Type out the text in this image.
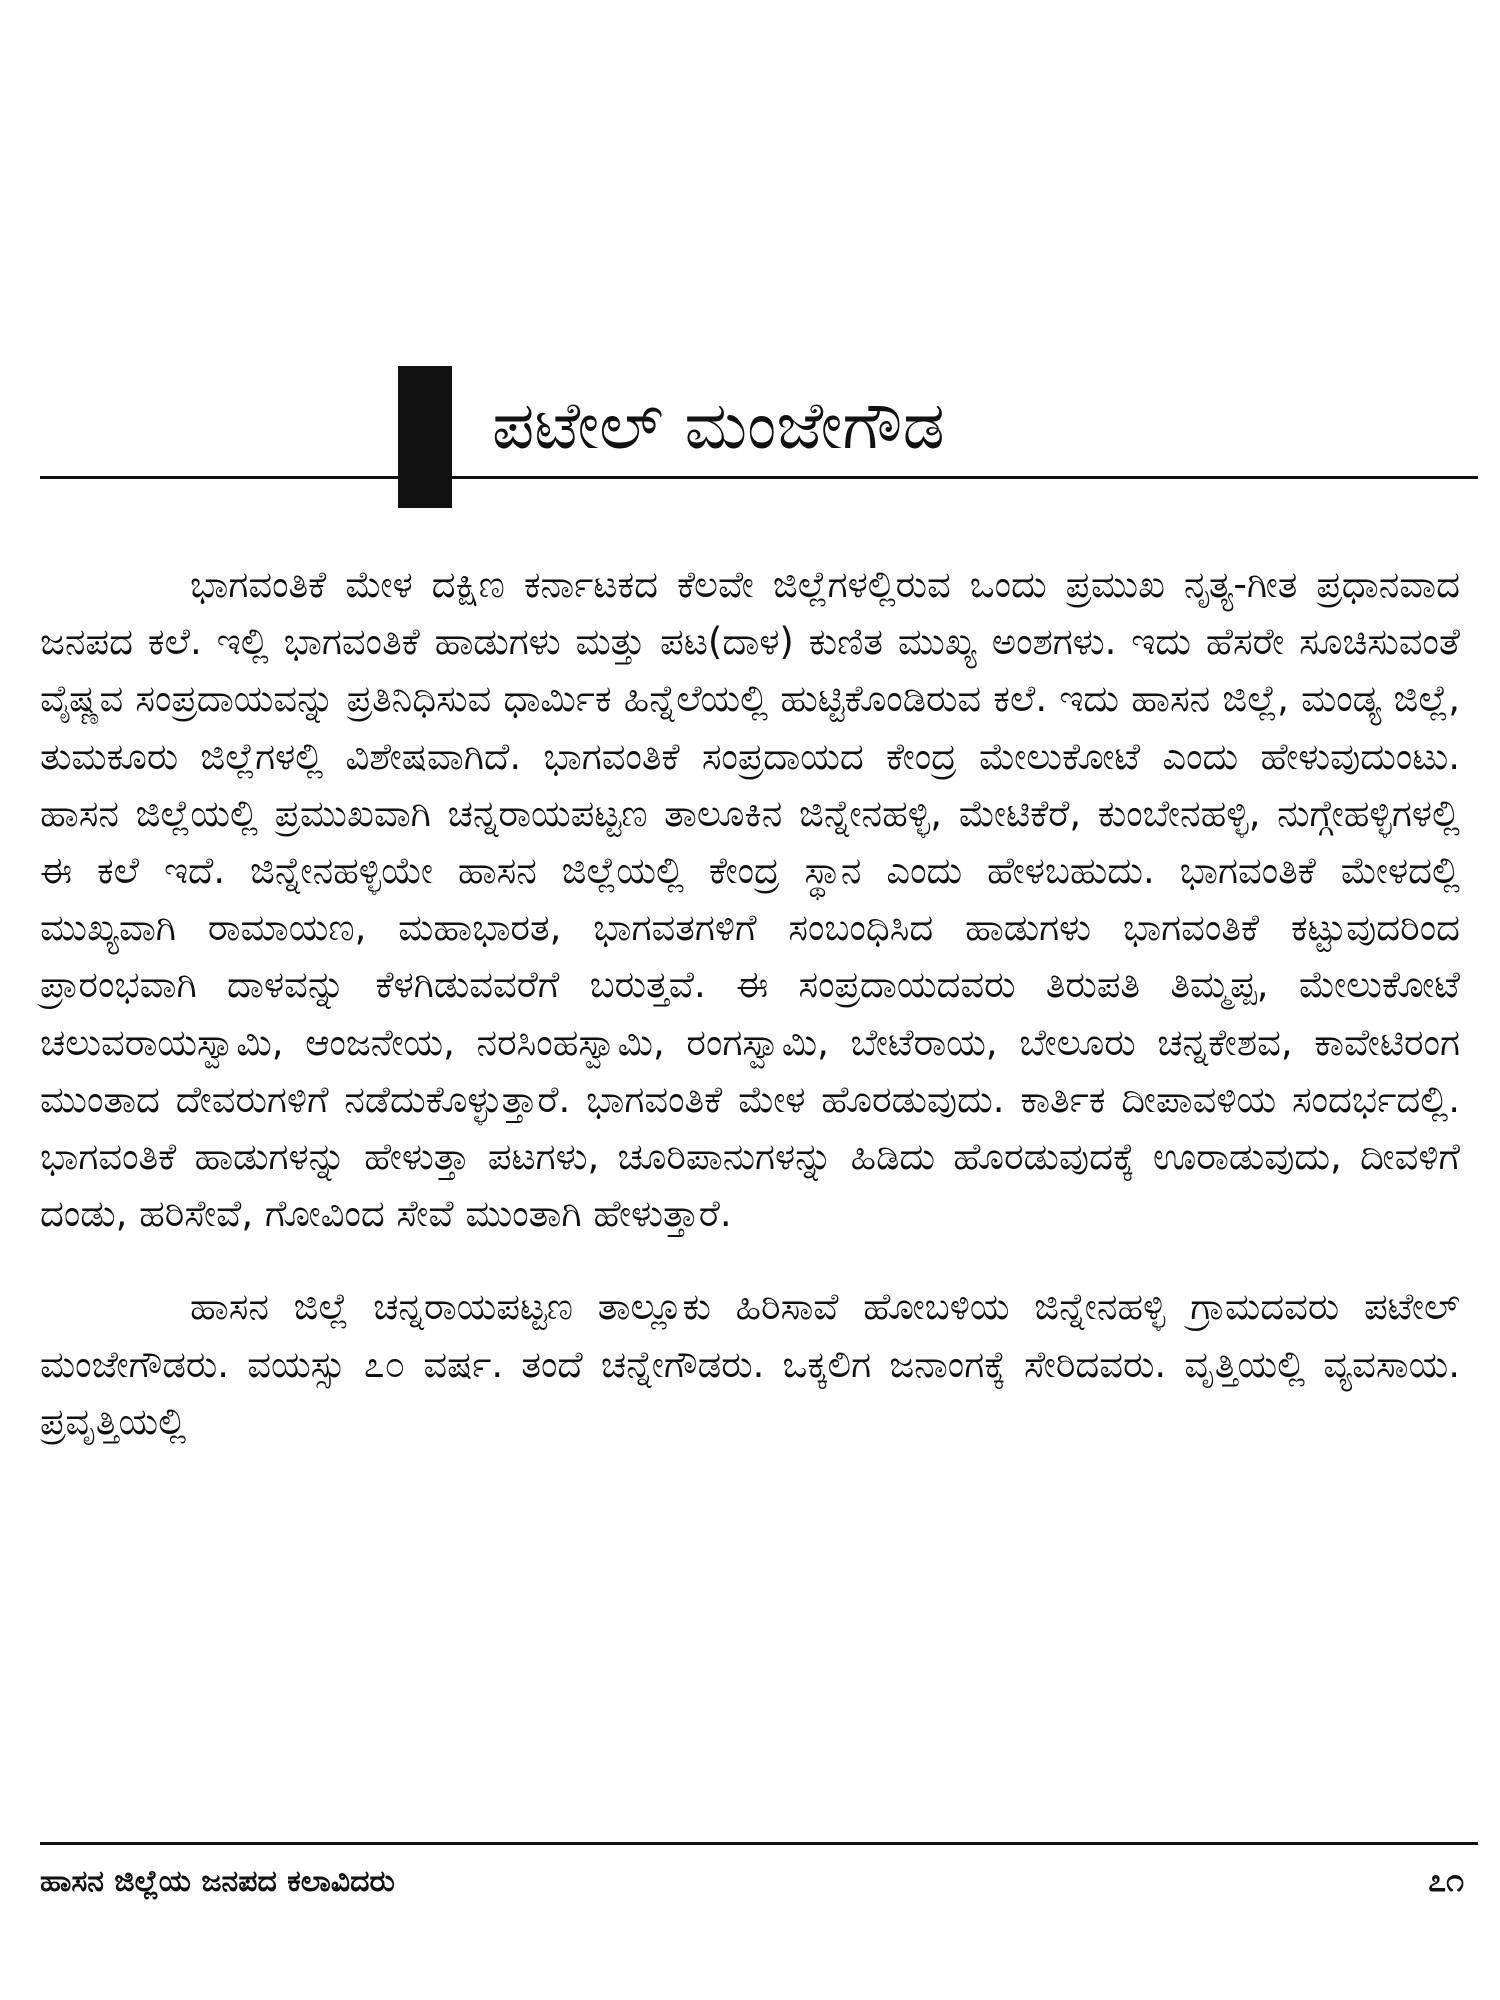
ಪಟೇಲ್ ಮಂಜೇಗೌಡ

ಭಾಗವಂತಿಕೆ ಮೇಳ ದಕ್ಷಿಣ ಕರ್ನಾಟಕದ ಕೆಲವೇ ಜಿಲ್ಲೆಗಳಲ್ಲಿರುವ ಒಂದು ಪ್ರಮುಖ ನೃತ್ಯ-ಗೀತ ಪ್ರಧಾನವಾದ ಜನಪದ ಕಲೆ. ಇಲ್ಲಿ ಭಾಗವಂತಿಕೆ ಹಾಡುಗಳು ಮತ್ತು ಪಟ(ದಾಳ) ಕುಣಿತ ಮುಖ್ಯ ಅಂಶಗಳು. ಇದು ಹೆಸರೇ ಸೂಚಿಸುವಂತೆ ವೈಷ್ಣವ ಸಂಪ್ರದಾಯವನ್ನು ಪ್ರತಿನಿಧಿಸುವ ಧಾರ್ಮಿಕ ಹಿನ್ನೆಲೆಯಲ್ಲಿ ಹುಟ್ಟಿಕೊಂಡಿರುವ ಕಲೆ. ಇದು ಹಾಸನ ಜಿಲ್ಲೆ, ಮಂಡ್ಯ ಜಿಲ್ಲೆ, ತುಮಕೂರು ಜಿಲ್ಲೆಗಳಲ್ಲಿ ವಿಶೇಷವಾಗಿದೆ. ಭಾಗವಂತಿಕೆ ಸಂಪ್ರದಾಯದ ಕೇಂದ್ರ ಮೇಲುಕೋಟೆ ಎಂದು ಹೇಳುವುದುಂಟು. ಹಾಸನ ಜಿಲ್ಲೆಯಲ್ಲಿ ಪ್ರಮುಖವಾಗಿ ಚನ್ನರಾಯಪಟ್ಟಣ ತಾಲೂಕಿನ ಜಿನ್ನೇನಹಳ್ಳಿ, ಮೇಟಿಕೆರೆ, ಕುಂಬೇನಹಳ್ಳಿ, ನುಗ್ಗೇಹಳ್ಳಿಗಳಲ್ಲಿ ಈ ಕಲೆ ಇದೆ. ಜಿನ್ನೇನಹಳ್ಳಿಯೇ ಹಾಸನ ಜಿಲ್ಲೆಯಲ್ಲಿ ಕೇಂದ್ರ ಸ್ಥಾನ ಎಂದು ಹೇಳಬಹುದು. ಭಾಗವಂತಿಕೆ ಮೇಳದಲ್ಲಿ ಮುಖ್ಯವಾಗಿ ರಾಮಾಯಣ, ಮಹಾಭಾರತ, ಭಾಗವತಗಳಿಗೆ ಸಂಬಂಧಿಸಿದ ಹಾಡುಗಳು ಭಾಗವಂತಿಕೆ ಕಟ್ಟುವುದರಿಂದ ಪ್ರಾರಂಭವಾಗಿ ದಾಳವನ್ನು ಕೆಳಗಿಡುವವರೆಗೆ ಬರುತ್ತವೆ. ಈ ಸಂಪ್ರದಾಯದವರು ತಿರುಪತಿ ತಿಮ್ಮಪ್ಪ, ಮೇಲುಕೋಟೆ ಚಲುವರಾಯಸ್ವಾಮಿ, ಆಂಜನೇಯ, ನರಸಿಂಹಸ್ವಾಮಿ, ರಂಗಸ್ವಾಮಿ, ಬೇಟೆರಾಯ, ಬೇಲೂರು ಚನ್ನಕೇಶವ, ಕಾವೇಟಿರಂಗ ಮುಂತಾದ ದೇವರುಗಳಿಗೆ ನಡೆದುಕೊಳ್ಳುತ್ತಾರೆ. ಭಾಗವಂತಿಕೆ ಮೇಳ ಹೊರಡುವುದು. ಕಾರ್ತಿಕ ದೀಪಾವಳಿಯ ಸಂದರ್ಭದಲ್ಲಿ. ಭಾಗವಂತಿಕೆ ಹಾಡುಗಳನ್ನು ಹೇಳುತ್ತಾ ಪಟಗಳು, ಚೂರಿಪಾನುಗಳನ್ನು ಹಿಡಿದು ಹೊರಡುವುದಕ್ಕೆ ಊರಾಡುವುದು, ದೀವಳಿಗೆ ದಂಡು, ಹರಿಸೇವೆ, ಗೋವಿಂದ ಸೇವೆ ಮುಂತಾಗಿ ಹೇಳುತ್ತಾರೆ.

ಹಾಸನ ಜಿಲ್ಲೆ ಚನ್ನರಾಯಪಟ್ಟಣ ತಾಲ್ಲೂಕು ಹಿರಿಸಾವೆ ಹೋಬಳಿಯ ಜಿನ್ನೇನಹಳ್ಳಿ ಗ್ರಾಮದವರು ಪಟೇಲ್ ಮಂಜೇಗೌಡರು. ವಯಸ್ಸು ೭೦ ವರ್ಷ. ತಂದೆ ಚನ್ನೇಗೌಡರು. ಒಕ್ಕಲಿಗ ಜನಾಂಗಕ್ಕೆ ಸೇರಿದವರು. ವೃತ್ತಿಯಲ್ಲಿ ವ್ಯವಸಾಯ. ಪ್ರವೃತ್ತಿಯಲ್ಲಿ

ಹಾಸನ ಜಿಲ್ಲೆಯ ಜನಪದ ಕಲಾವಿದರು	೭೧
